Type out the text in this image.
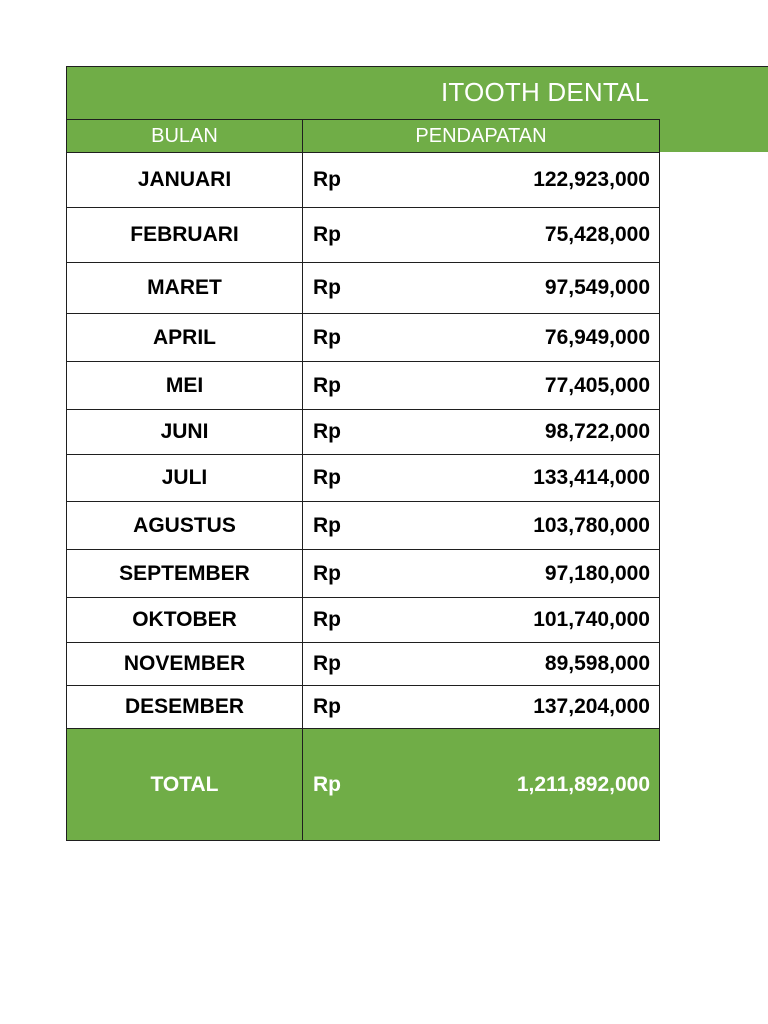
ITOOTH DENTAL
BULAN	PENDAPATAN
JANUARI	Rp 122,923,000

FEBRUARI	Rp 75,428,000

MARET	Rp 97,549,000

APRIL	Rp 76,949,000

MEI	Rp 77,405,000

JUNI	Rp 98,722,000

JULI	Rp 133,414,000

AGUSTUS	Rp 103,780,000

SEPTEMBER	Rp 97,180,000

OKTOBER	Rp 101,740,000

NOVEMBER	Rp 89,598,000

DESEMBER	Rp 137,204,000

TOTAL	Rp 1,211,892,000
